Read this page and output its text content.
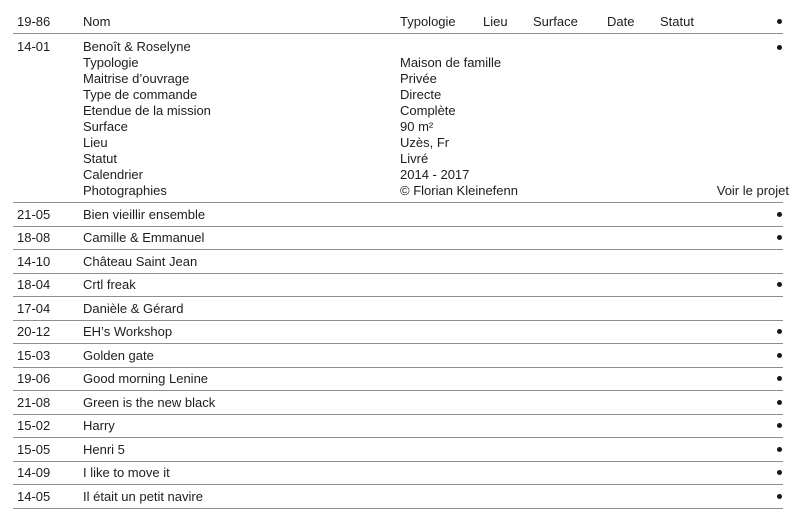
19-86	Nom	Typologie Lieu Surface Date Statut
14-01	Benoît & Roselyne
Typologie	Maison de famille
Maitrise d’ouvrage	Privée
Type de commande	Directe
Etendue de la mission	Complète
Surface	90 m²
Lieu	Uzès, Fr
Statut	Livré
Calendrier	2014 - 2017
Photographies	© Florian Kleinefenn	Voir le projet
21-05	Bien vieillir ensemble
18-08	Camille & Emmanuel
14-10	Château Saint Jean
18-04	Crtl freak
17-04	Danièle & Gérard
20-12	EH’s Workshop
15-03	Golden gate
19-06	Good morning Lenine
21-08	Green is the new black
15-02	Harry
15-05	Henri 5
14-09	I like to move it
14-05	Il était un petit navire
